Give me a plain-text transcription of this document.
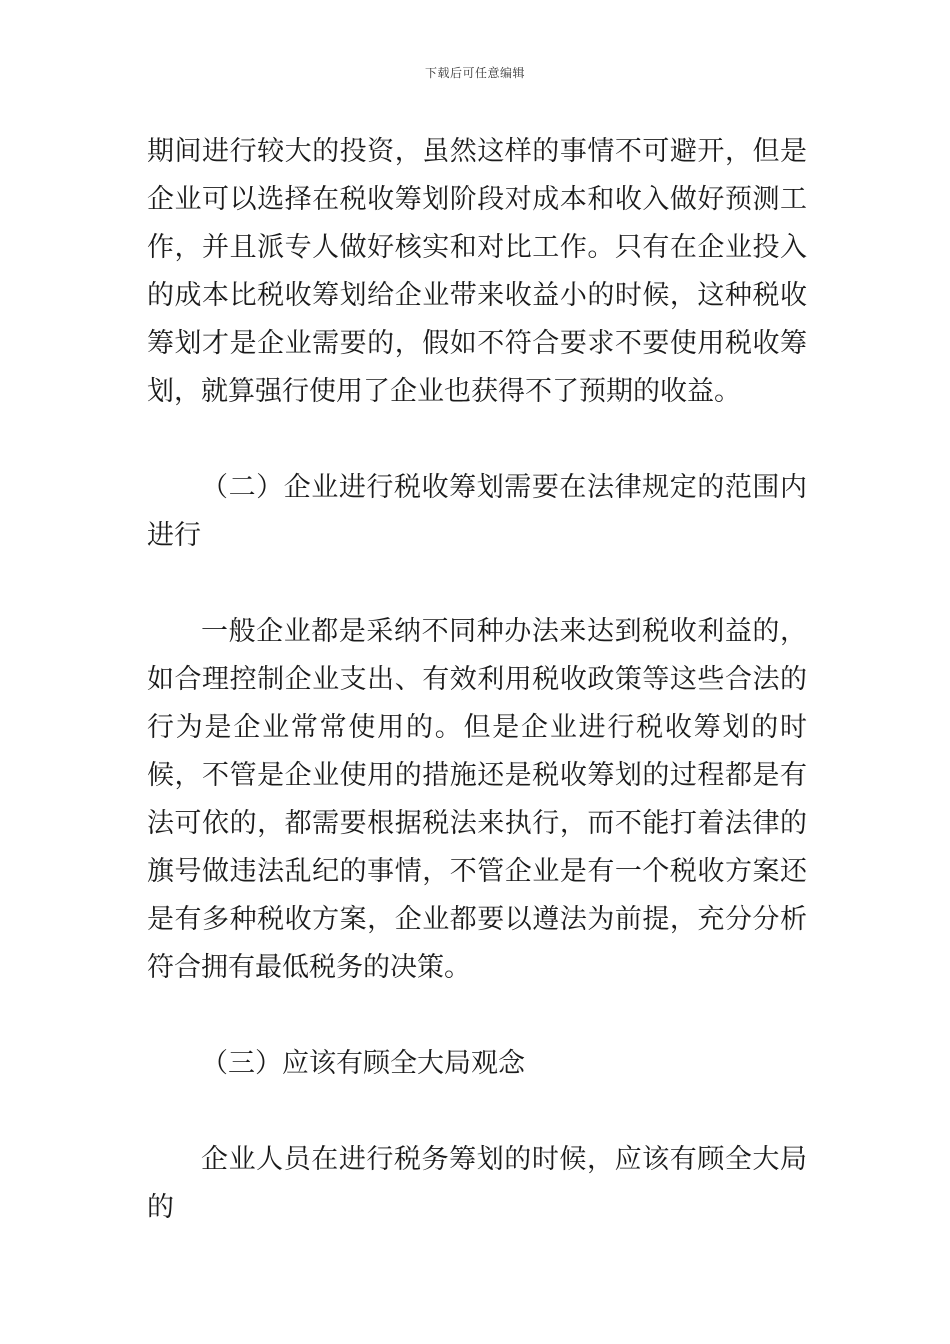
下载后可任意编辑

期间进行较大的投资，虽然这样的事情不可避开，但是企业可以选择在税收筹划阶段对成本和收入做好预测工作，并且派专人做好核实和对比工作。只有在企业投入的成本比税收筹划给企业带来收益小的时候，这种税收筹划才是企业需要的，假如不符合要求不要使用税收筹划，就算强行使用了企业也获得不了预期的收益。

（二）企业进行税收筹划需要在法律规定的范围内进行

一般企业都是采纳不同种办法来达到税收利益的，如合理控制企业支出、有效利用税收政策等这些合法的行为是企业常常使用的。但是企业进行税收筹划的时候，不管是企业使用的措施还是税收筹划的过程都是有法可依的，都需要根据税法来执行，而不能打着法律的旗号做违法乱纪的事情，不管企业是有一个税收方案还是有多种税收方案，企业都要以遵法为前提，充分分析符合拥有最低税务的决策。

（三）应该有顾全大局观念

企业人员在进行税务筹划的时候，应该有顾全大局的
